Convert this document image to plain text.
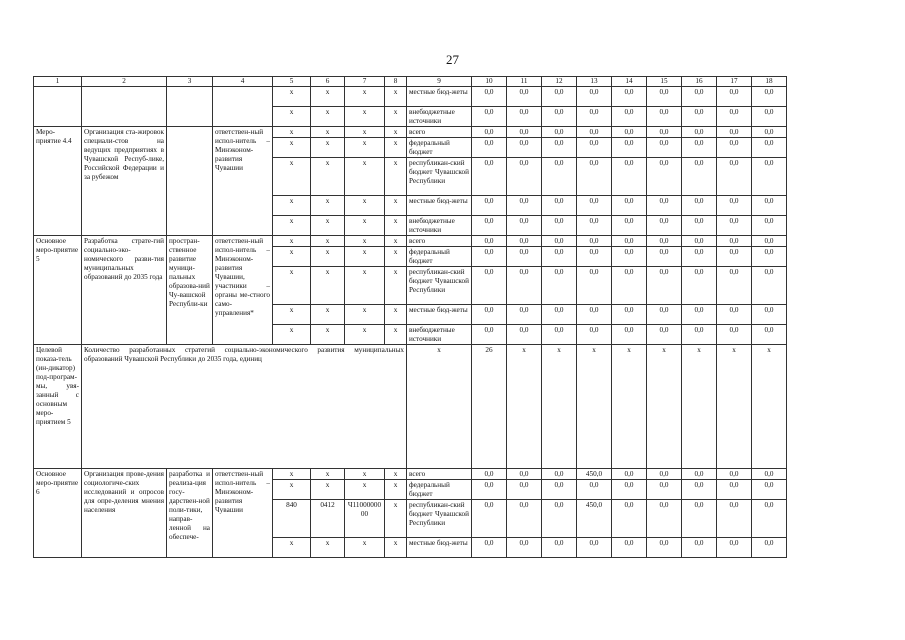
27
1	2	3	4	5	6	7	8	9	10	11	12	13	14	15	16	17	18
				x	x	x	x	местные бюд-жеты	0,0	0,0	0,0	0,0	0,0	0,0	0,0	0,0	0,0
				x	x	x	x	внебюджетные источники	0,0	0,0	0,0	0,0	0,0	0,0	0,0	0,0	0,0
Меро-приятие 4.4	Организация ста-жировок специали-стов на ведущих предприятиях в Чувашской Респуб-лике, Российской Федерации и за рубежом		ответствен-ный испол-нитель – Минэконом-развития Чувашии	x	x	x	x	всего	0,0	0,0	0,0	0,0	0,0	0,0	0,0	0,0	0,0
				x	x	x	x	федеральный бюджет	0,0	0,0	0,0	0,0	0,0	0,0	0,0	0,0	0,0
				x	x	x	x	республикан-ский бюджет Чувашской Республики	0,0	0,0	0,0	0,0	0,0	0,0	0,0	0,0	0,0
				x	x	x	x	местные бюд-жеты	0,0	0,0	0,0	0,0	0,0	0,0	0,0	0,0	0,0
				x	x	x	x	внебюджетные источники	0,0	0,0	0,0	0,0	0,0	0,0	0,0	0,0	0,0
Основное меро-приятие 5	Разработка страте-гий социально-эко-номического разви-тия муниципальных образований до 2035 года	простран-ственное развитие муници-пальных образова-ний Чу-вашской Республи-ки	ответствен-ный испол-нитель – Минэконом-развития Чувашии, участники – органы ме-стного само-управления*	x	x	x	x	всего	0,0	0,0	0,0	0,0	0,0	0,0	0,0	0,0	0,0
				x	x	x	x	федеральный бюджет	0,0	0,0	0,0	0,0	0,0	0,0	0,0	0,0	0,0
				x	x	x	x	республикан-ский бюджет Чувашской Республики	0,0	0,0	0,0	0,0	0,0	0,0	0,0	0,0	0,0
				x	x	x	x	местные бюд-жеты	0,0	0,0	0,0	0,0	0,0	0,0	0,0	0,0	0,0
				x	x	x	x	внебюджетные источники	0,0	0,0	0,0	0,0	0,0	0,0	0,0	0,0	0,0
Целевой показа-тель (ин-дикатор) под-програм-мы, увя-занный с основным меро-приятием 5	Количество разработанных стратегий социально-экономического развития муниципальных образований Чувашской Республики до 2035 года, единиц							x	26	x	x	x	x	x	x	x	x
Основное меро-приятие 6	Организация прове-дения социологиче-ских исследований и опросов для опре-деления мнения населения	разработка и реализа-ция госу-дарствен-ной поли-тики, направ-ленной на обеспече-	ответствен-ный испол-нитель – Минэконом-развития Чувашии	x	x	x	x	всего	0,0	0,0	0,0	450,0	0,0	0,0	0,0	0,0	0,0
				x	x	x	x	федеральный бюджет	0,0	0,0	0,0	0,0	0,0	0,0	0,0	0,0	0,0
				840	0412	Ч11000000 00	x	республикан-ский бюджет Чувашской Республики	0,0	0,0	0,0	450,0	0,0	0,0	0,0	0,0	0,0
				x	x	x	x	местные бюд-жеты	0,0	0,0	0,0	0,0	0,0	0,0	0,0	0,0	0,0
